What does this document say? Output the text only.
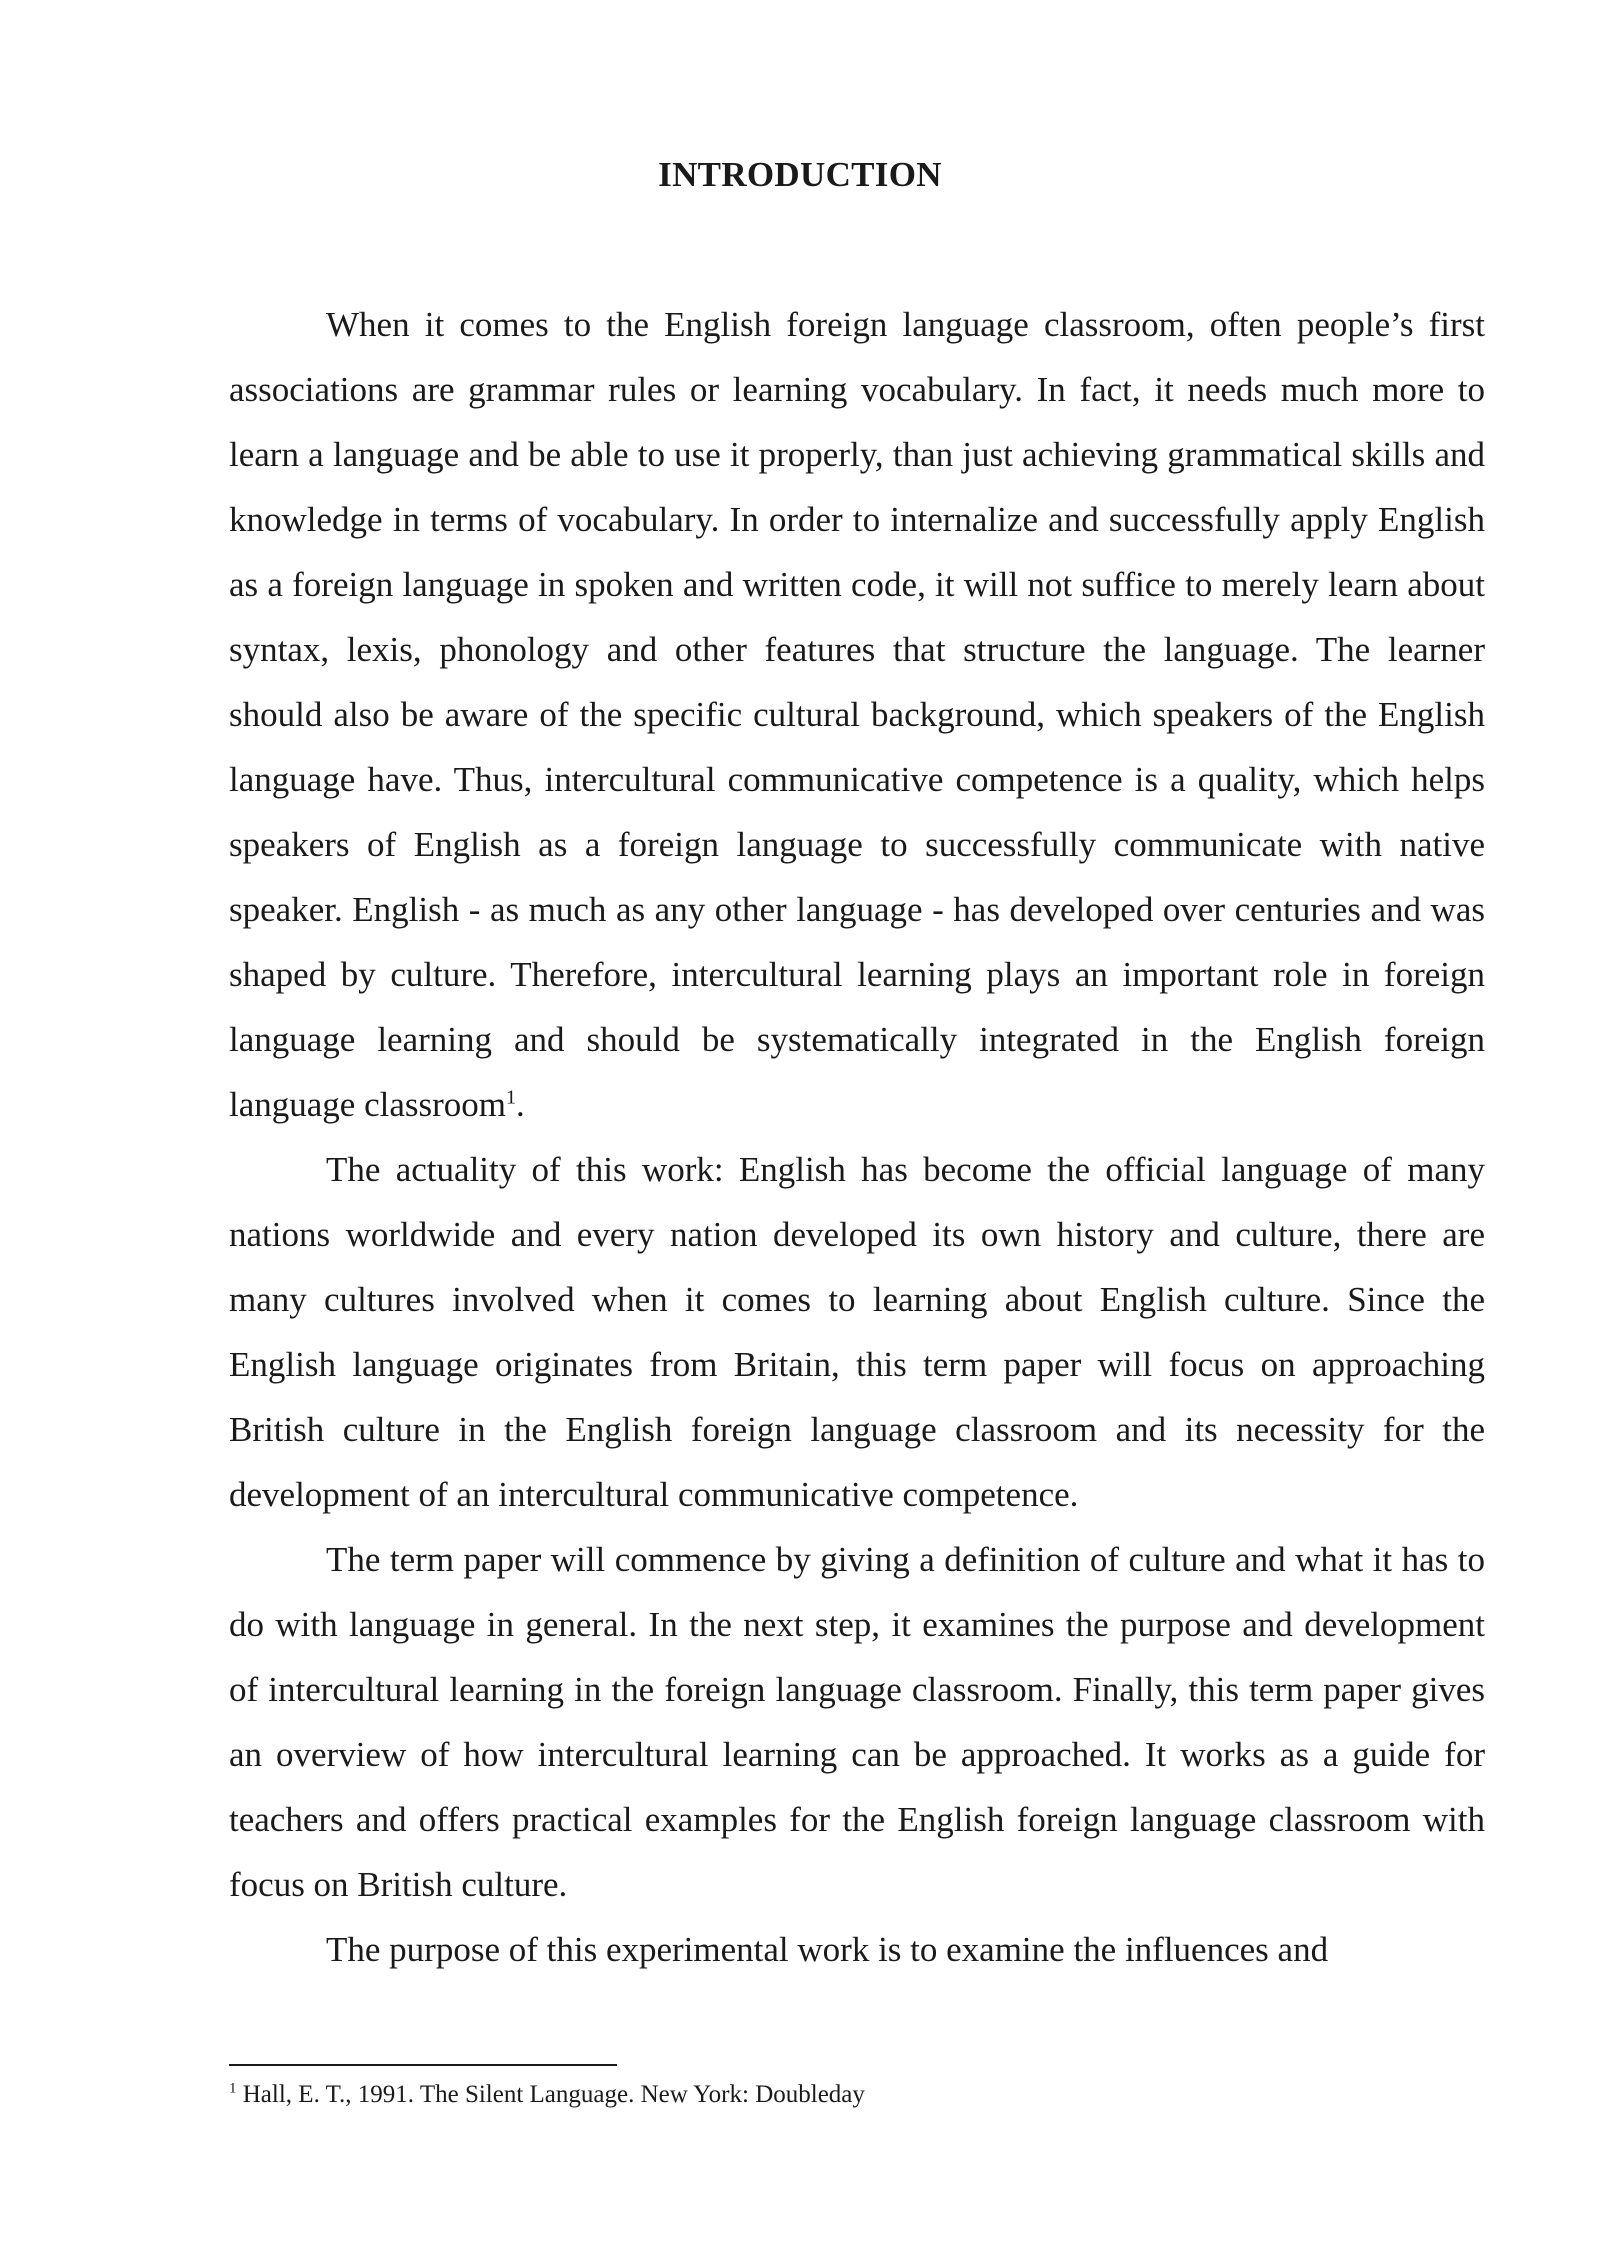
INTRODUCTION

When it comes to the English foreign language classroom, often people’s first associations are grammar rules or learning vocabulary. In fact, it needs much more to learn a language and be able to use it properly, than just achieving grammatical skills and knowledge in terms of vocabulary. In order to internalize and successfully apply English as a foreign language in spoken and written code, it will not suffice to merely learn about syntax, lexis, phonology and other features that structure the language. The learner should also be aware of the specific cultural background, which speakers of the English language have. Thus, intercultural communicative competence is a quality, which helps speakers of English as a foreign language to successfully communicate with native speaker. English - as much as any other language - has developed over centuries and was shaped by culture. Therefore, intercultural learning plays an important role in foreign language learning and should be systematically integrated in the English foreign language classroom$^1$.

The actuality of this work: English has become the official language of many nations worldwide and every nation developed its own history and culture, there are many cultures involved when it comes to learning about English culture. Since the English language originates from Britain, this term paper will focus on approaching British culture in the English foreign language classroom and its necessity for the development of an intercultural communicative competence.

The term paper will commence by giving a definition of culture and what it has to do with language in general. In the next step, it examines the purpose and development of intercultural learning in the foreign language classroom. Finally, this term paper gives an overview of how intercultural learning can be approached. It works as a guide for teachers and offers practical examples for the English foreign language classroom with focus on British culture.

The purpose of this experimental work is to examine the influences and

$^1$ Hall, E. T., 1991. The Silent Language. New York: Doubleday
